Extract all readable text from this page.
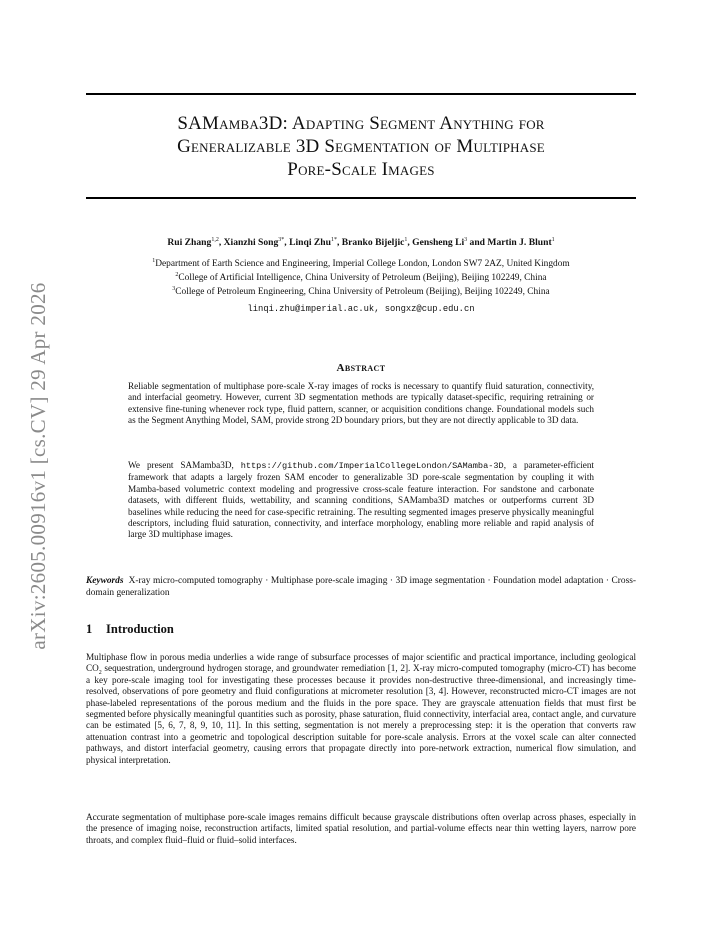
arXiv:2605.00916v1 [cs.CV] 29 Apr 2026
SAMamba3D: Adapting Segment Anything for
Generalizable 3D Segmentation of Multiphase
Pore-Scale Images
Rui Zhang$^{1,2}$, Xianzhi Song$^{3*}$, Linqi Zhu$^{1*}$, Branko Bijeljic$^1$, Gensheng Li$^3$ and Martin J. Blunt$^1$
$^1$Department of Earth Science and Engineering, Imperial College London, London SW7 2AZ, United Kingdom
$^2$College of Artificial Intelligence, China University of Petroleum (Beijing), Beijing 102249, China
$^3$College of Petroleum Engineering, China University of Petroleum (Beijing), Beijing 102249, China
linqi.zhu@imperial.ac.uk, songxz@cup.edu.cn
Abstract
Reliable segmentation of multiphase pore-scale X-ray images of rocks is necessary to quantify fluid saturation, connectivity, and interfacial geometry. However, current 3D segmentation methods are typically dataset-specific, requiring retraining or extensive fine-tuning whenever rock type, fluid pattern, scanner, or acquisition conditions change. Foundational models such as the Segment Anything Model, SAM, provide strong 2D boundary priors, but they are not directly applicable to 3D data.
We present SAMamba3D, https://github.com/ImperialCollegeLondon/SAMamba-3D, a parameter-efficient framework that adapts a largely frozen SAM encoder to generalizable 3D pore-scale segmentation by coupling it with Mamba-based volumetric context modeling and progressive cross-scale feature interaction. For sandstone and carbonate datasets, with different fluids, wettability, and scanning conditions, SAMamba3D matches or outperforms current 3D baselines while reducing the need for case-specific retraining. The resulting segmented images preserve physically meaningful descriptors, including fluid saturation, connectivity, and interface morphology, enabling more reliable and rapid analysis of large 3D multiphase images.
Keywords X-ray micro-computed tomography · Multiphase pore-scale imaging · 3D image segmentation · Foundation model adaptation · Cross-domain generalization
1 Introduction
Multiphase flow in porous media underlies a wide range of subsurface processes of major scientific and practical importance, including geological $CO_2$ sequestration, underground hydrogen storage, and groundwater remediation [1, 2]. X-ray micro-computed tomography (micro-CT) has become a key pore-scale imaging tool for investigating these processes because it provides non-destructive three-dimensional, and increasingly time-resolved, observations of pore geometry and fluid configurations at micrometer resolution [3, 4]. However, reconstructed micro-CT images are not phase-labeled representations of the porous medium and the fluids in the pore space. They are grayscale attenuation fields that must first be segmented before physically meaningful quantities such as porosity, phase saturation, fluid connectivity, interfacial area, contact angle, and curvature can be estimated [5, 6, 7, 8, 9, 10, 11]. In this setting, segmentation is not merely a preprocessing step: it is the operation that converts raw attenuation contrast into a geometric and topological description suitable for pore-scale analysis. Errors at the voxel scale can alter connected pathways, and distort interfacial geometry, causing errors that propagate directly into pore-network extraction, numerical flow simulation, and physical interpretation.
Accurate segmentation of multiphase pore-scale images remains difficult because grayscale distributions often overlap across phases, especially in the presence of imaging noise, reconstruction artifacts, limited spatial resolution, and partial-volume effects near thin wetting layers, narrow pore throats, and complex fluid–fluid or fluid–solid interfaces.
